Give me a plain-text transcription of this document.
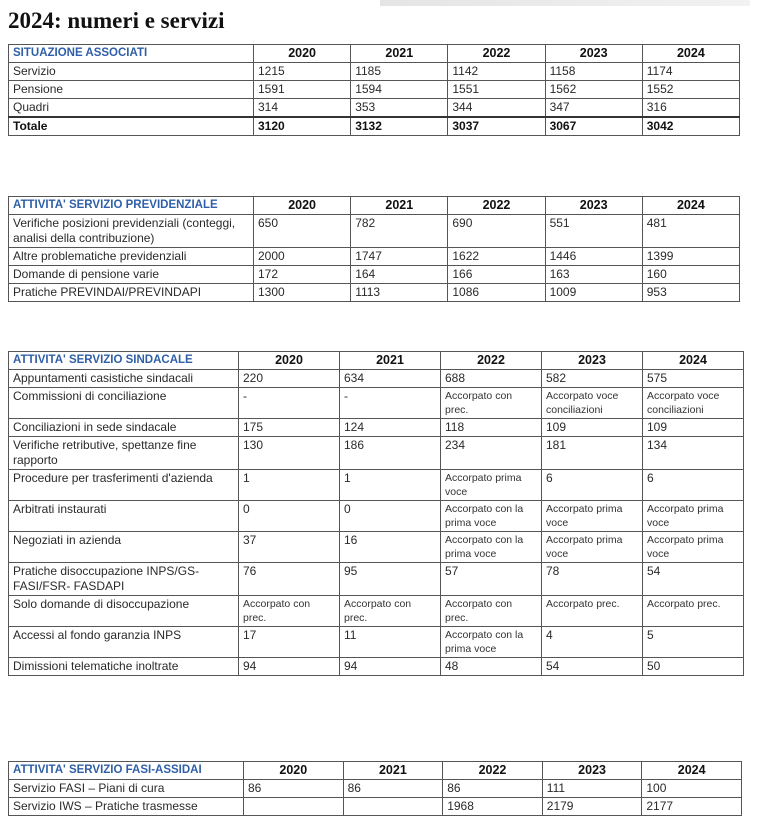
2024: numeri e servizi
SITUAZIONE ASSOCIATI	2020	2021	2022	2023	2024
Servizio	1215	1185	1142	1158	1174
Pensione	1591	1594	1551	1562	1552
Quadri	314	353	344	347	316
Totale	3120	3132	3037	3067	3042
ATTIVITA' SERVIZIO PREVIDENZIALE	2020	2021	2022	2023	2024
Verifiche posizioni previdenziali (conteggi, analisi della contribuzione)	650	782	690	551	481
Altre problematiche previdenziali	2000	1747	1622	1446	1399
Domande di pensione varie	172	164	166	163	160
Pratiche PREVINDAI/PREVINDAPI	1300	1113	1086	1009	953
ATTIVITA' SERVIZIO SINDACALE	2020	2021	2022	2023	2024
Appuntamenti casistiche sindacali	220	634	688	582	575
Commissioni di conciliazione	-	-	Accorpato con prec.	Accorpato voce conciliazioni	Accorpato voce conciliazioni
Conciliazioni in sede sindacale	175	124	118	109	109
Verifiche retributive, spettanze fine rapporto	130	186	234	181	134
Procedure per trasferimenti d'azienda	1	1	Accorpato prima voce	6	6
Arbitrati instaurati	0	0	Accorpato con la prima voce	Accorpato prima voce	Accorpato prima voce
Negoziati in azienda	37	16	Accorpato con la prima voce	Accorpato prima voce	Accorpato prima voce
Pratiche disoccupazione INPS/GS-FASI/FSR- FASDAPI	76	95	57	78	54
Solo domande di disoccupazione	Accorpato con prec.	Accorpato con prec.	Accorpato con prec.	Accorpato prec.	Accorpato prec.
Accessi al fondo garanzia INPS	17	11	Accorpato con la prima voce	4	5
Dimissioni telematiche inoltrate	94	94	48	54	50
ATTIVITA' SERVIZIO FASI-ASSIDAI	2020	2021	2022	2023	2024
Servizio FASI – Piani di cura	86	86	86	111	100
Servizio IWS – Pratiche trasmesse			1968	2179	2177
